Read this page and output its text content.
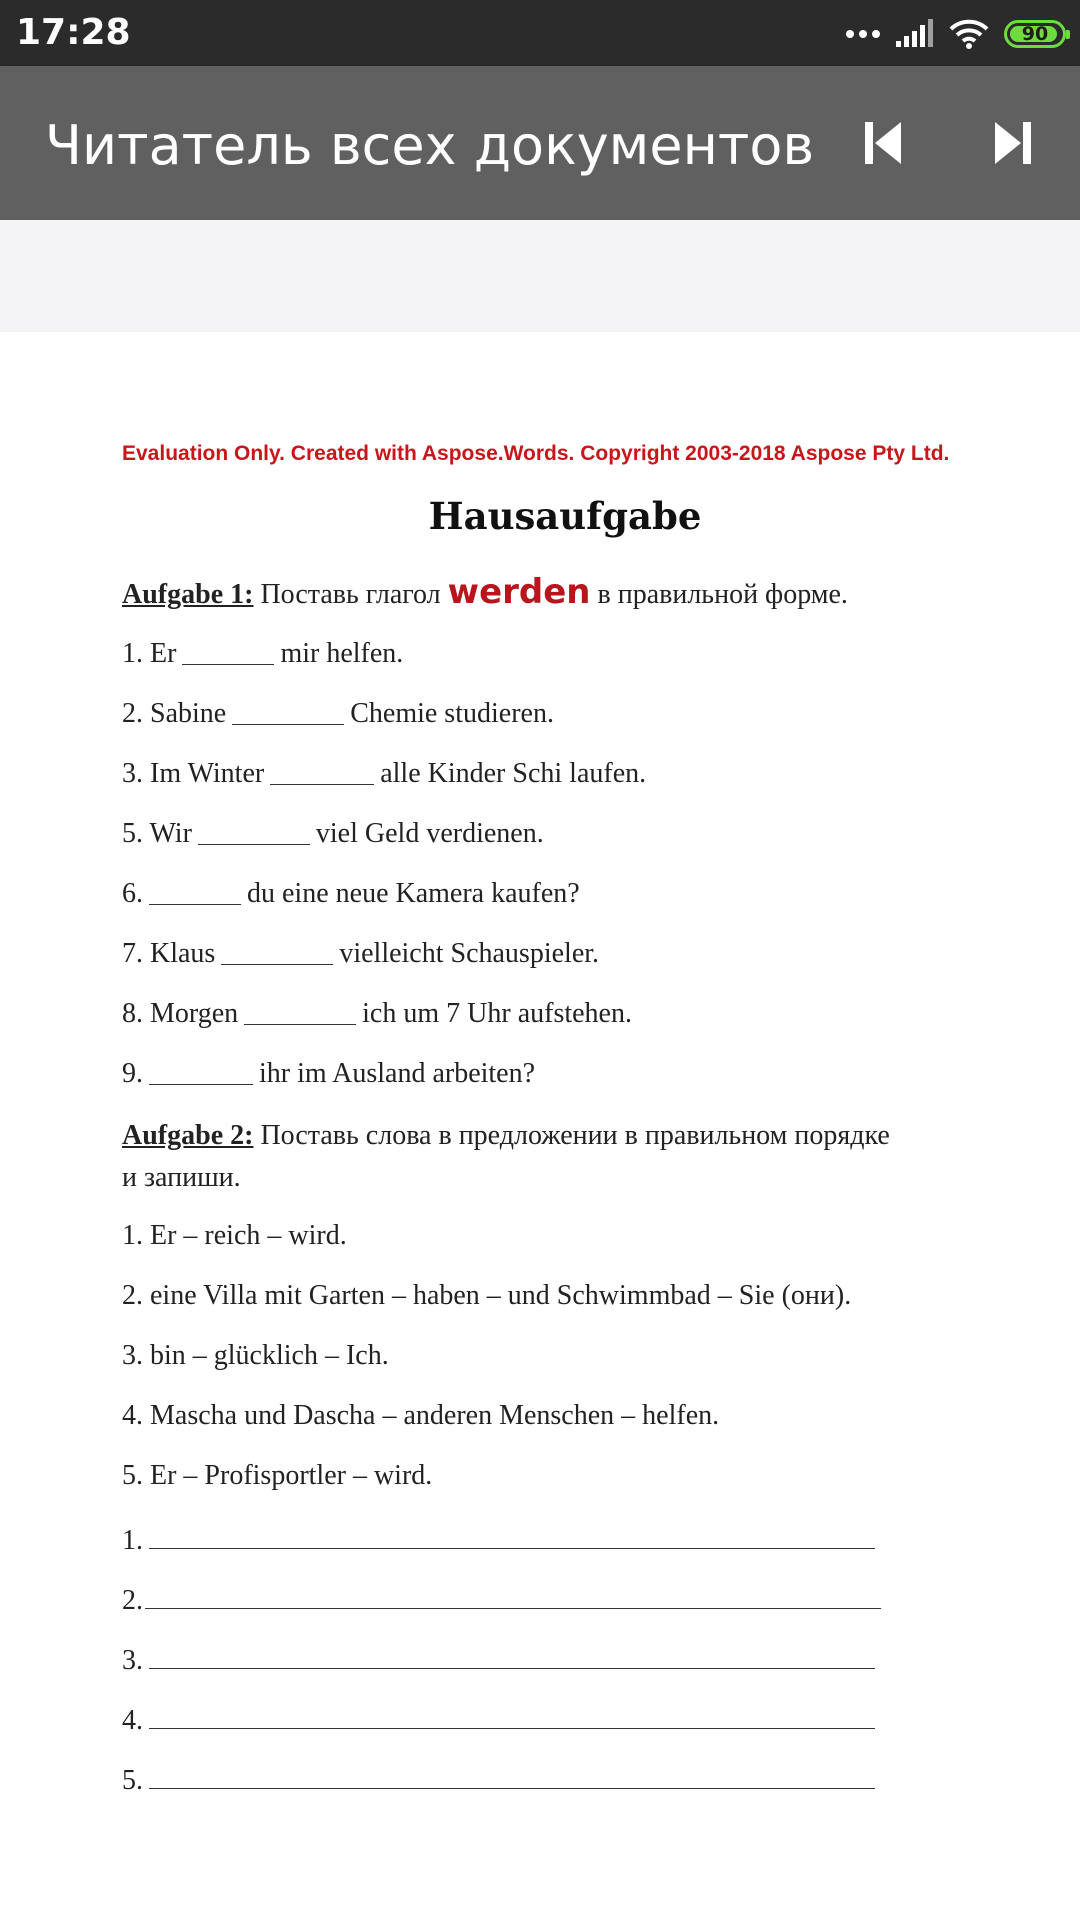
17:28	90
Читатель всех документов
Evaluation Only. Created with Aspose.Words. Copyright 2003-2018 Aspose Pty Ltd.
Hausaufgabe
Aufgabe 1: Поставь глагол werden в правильной форме.
1. Er	mir helfen.
2. Sabine	Chemie studieren.
3. Im Winter	alle Kinder Schi laufen.
5. Wir	viel Geld verdienen.
6.	du eine neue Kamera kaufen?
7. Klaus	vielleicht Schauspieler.
8. Morgen	ich um 7 Uhr aufstehen.
9.	ihr im Ausland arbeiten?
Aufgabe 2: Поставь слова в предложении в правильном порядке
и запиши.
1. Er – reich – wird.
2. eine Villa mit Garten – haben – und Schwimmbad – Sie (они).
3. bin – glücklich – Ich.
4. Mascha und Dascha – anderen Menschen – helfen.
5. Er – Profisportler – wird.
1.
2.
3.
4.
5.
